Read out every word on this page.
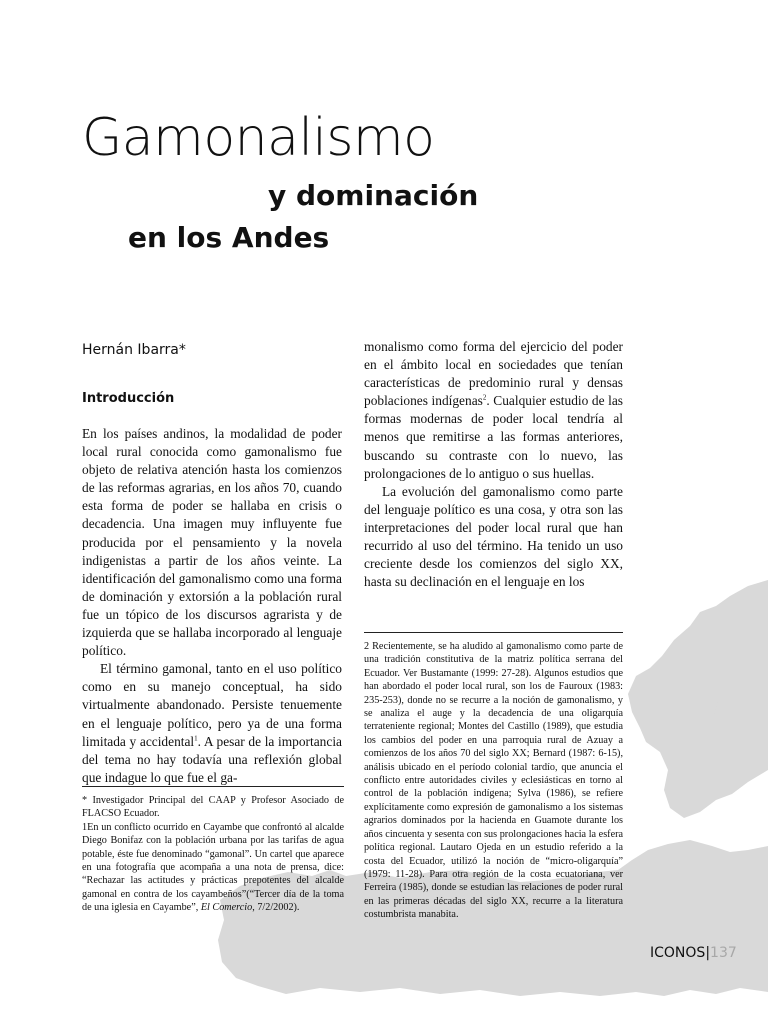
Gamonalismo
y dominación
en los Andes
Hernán Ibarra*
Introducción

En los países andinos, la modalidad de poder local rural conocida como gamonalismo fue objeto de relativa atención hasta los comienzos de las reformas agrarias, en los años 70, cuando esta forma de poder se hallaba en crisis o decadencia. Una imagen muy influyente fue producida por el pensamiento y la novela indigenistas a partir de los años veinte. La identificación del gamonalismo como una forma de dominación y extorsión a la población rural fue un tópico de los discursos agrarista y de izquierda que se hallaba incorporado al lenguaje político.

El término gamonal, tanto en el uso político como en su manejo conceptual, ha sido virtualmente abandonado. Persiste tenuemente en el lenguaje político, pero ya de una forma limitada y accidental$^1$. A pesar de la importancia del tema no hay todavía una reflexión global que indague lo que fue el ga-

monalismo como forma del ejercicio del poder en el ámbito local en sociedades que tenían características de predominio rural y densas poblaciones indígenas$^2$. Cualquier estudio de las formas modernas de poder local tendría al menos que remitirse a las formas anteriores, buscando su contraste con lo nuevo, las prolongaciones de lo antiguo o sus huellas.

La evolución del gamonalismo como parte del lenguaje político es una cosa, y otra son las interpretaciones del poder local rural que han recurrido al uso del término. Ha tenido un uso creciente desde los comienzos del siglo XX, hasta su declinación en el lenguaje en los

* Investigador Principal del CAAP y Profesor Asociado de FLACSO Ecuador.

1En un conflicto ocurrido en Cayambe que confrontó al alcalde Diego Bonifaz con la población urbana por las tarifas de agua potable, éste fue denominado “gamonal”. Un cartel que aparece en una fotografía que acompaña a una nota de prensa, dice: “Rechazar las actitudes y prácticas prepotentes del alcalde gamonal en contra de los cayambeños”(“Tercer día de la toma de una iglesia en Cayambe”, El Comercio, 7/2/2002).

2 Recientemente, se ha aludido al gamonalismo como parte de una tradición constitutiva de la matriz política serrana del Ecuador. Ver Bustamante (1999: 27-28). Algunos estudios que han abordado el poder local rural, son los de Fauroux (1983: 235-253), donde no se recurre a la noción de gamonalismo, y se analiza el auge y la decadencia de una oligarquía terrateniente regional; Montes del Castillo (1989), que estudia los cambios del poder en una parroquia rural de Azuay a comienzos de los años 70 del siglo XX; Bernard (1987: 6-15), análisis ubicado en el período colonial tardío, que anuncia el conflicto entre autoridades civiles y eclesiásticas en torno al control de la población indígena; Sylva (1986), se refiere explícitamente como expresión de gamonalismo a los sistemas agrarios dominados por la hacienda en Guamote durante los años cincuenta y sesenta con sus prolongaciones hacia la esfera política regional. Lautaro Ojeda en un estudio referido a la costa del Ecuador, utilizó la noción de “micro-oligarquía” (1979: 11-28). Para otra región de la costa ecuatoriana, ver Ferreira (1985), donde se estudian las relaciones de poder rural en las primeras décadas del siglo XX, recurre a la literatura costumbrista manabita.

ICONOS|137
